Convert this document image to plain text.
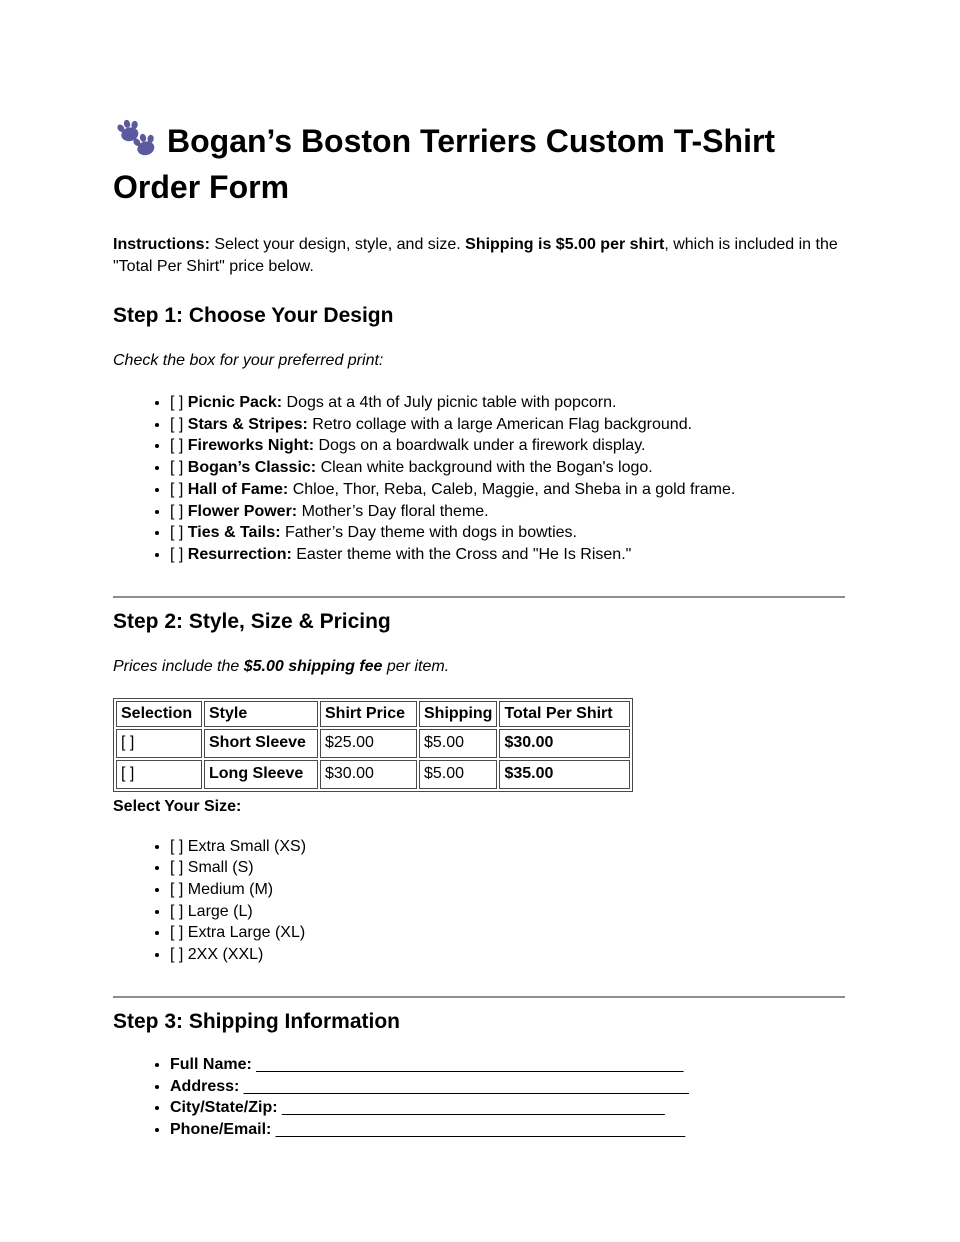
Bogan’s Boston Terriers Custom T-Shirt Order Form

Instructions: Select your design, style, and size. Shipping is $5.00 per shirt, which is included in the "Total Per Shirt" price below.

Step 1: Choose Your Design

Check the box for your preferred print:

• [ ] Picnic Pack: Dogs at a 4th of July picnic table with popcorn.
• [ ] Stars & Stripes: Retro collage with a large American Flag background.
• [ ] Fireworks Night: Dogs on a boardwalk under a firework display.
• [ ] Bogan’s Classic: Clean white background with the Bogan's logo.
• [ ] Hall of Fame: Chloe, Thor, Reba, Caleb, Maggie, and Sheba in a gold frame.
• [ ] Flower Power: Mother’s Day floral theme.
• [ ] Ties & Tails: Father’s Day theme with dogs in bowties.
• [ ] Resurrection: Easter theme with the Cross and "He Is Risen."
Step 2: Style, Size & Pricing

Prices include the $5.00 shipping fee per item.

Selection	Style	Shirt Price	Shipping	Total Per Shirt
[ ]	Short Sleeve	$25.00	$5.00	$30.00
[ ]	Long Sleeve	$30.00	$5.00	$35.00

Select Your Size:

• [ ] Extra Small (XS)
• [ ] Small (S)
• [ ] Medium (M)
• [ ] Large (L)
• [ ] Extra Large (XL)
• [ ] 2XX (XXL)
Step 3: Shipping Information
• Full Name: ________________________________________________
• Address: __________________________________________________
• City/State/Zip: ___________________________________________
• Phone/Email: ______________________________________________
